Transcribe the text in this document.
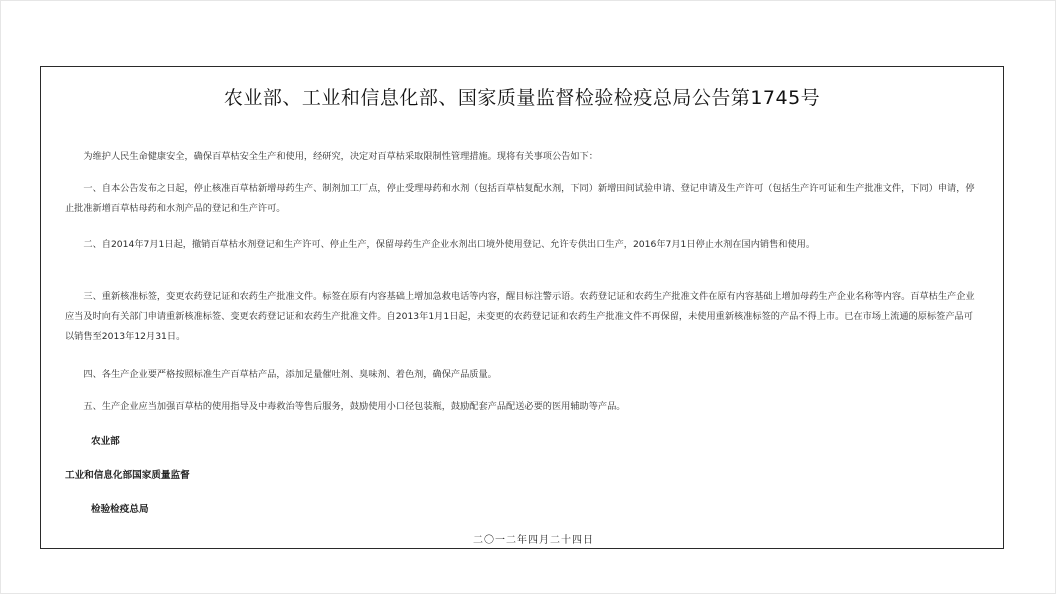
农业部、工业和信息化部、国家质量监督检验检疫总局公告第1745号
为维护人民生命健康安全，确保百草枯安全生产和使用，经研究，决定对百草枯采取限制性管理措施。现将有关事项公告如下：
一、自本公告发布之日起，停止核准百草枯新增母药生产、制剂加工厂点，停止受理母药和水剂（包括百草枯复配水剂，下同）新增田间试验申请、登记申请及生产许可（包括生产许可证和生产批准文件，下同）申请，停止批准新增百草枯母药和水剂产品的登记和生产许可。
二、自2014年7月1日起，撤销百草枯水剂登记和生产许可、停止生产，保留母药生产企业水剂出口境外使用登记、允许专供出口生产，2016年7月1日停止水剂在国内销售和使用。
三、重新核准标签，变更农药登记证和农药生产批准文件。标签在原有内容基础上增加急救电话等内容，醒目标注警示语。农药登记证和农药生产批准文件在原有内容基础上增加母药生产企业名称等内容。百草枯生产企业应当及时向有关部门申请重新核准标签、变更农药登记证和农药生产批准文件。自2013年1月1日起，未变更的农药登记证和农药生产批准文件不再保留，未使用重新核准标签的产品不得上市。已在市场上流通的原标签产品可以销售至2013年12月31日。
四、各生产企业要严格按照标准生产百草枯产品，添加足量催吐剂、臭味剂、着色剂，确保产品质量。
五、生产企业应当加强百草枯的使用指导及中毒救治等售后服务，鼓励使用小口径包装瓶，鼓励配套产品配送必要的医用辅助等产品。
农业部
工业和信息化部国家质量监督
检验检疫总局
二〇一二年四月二十四日
